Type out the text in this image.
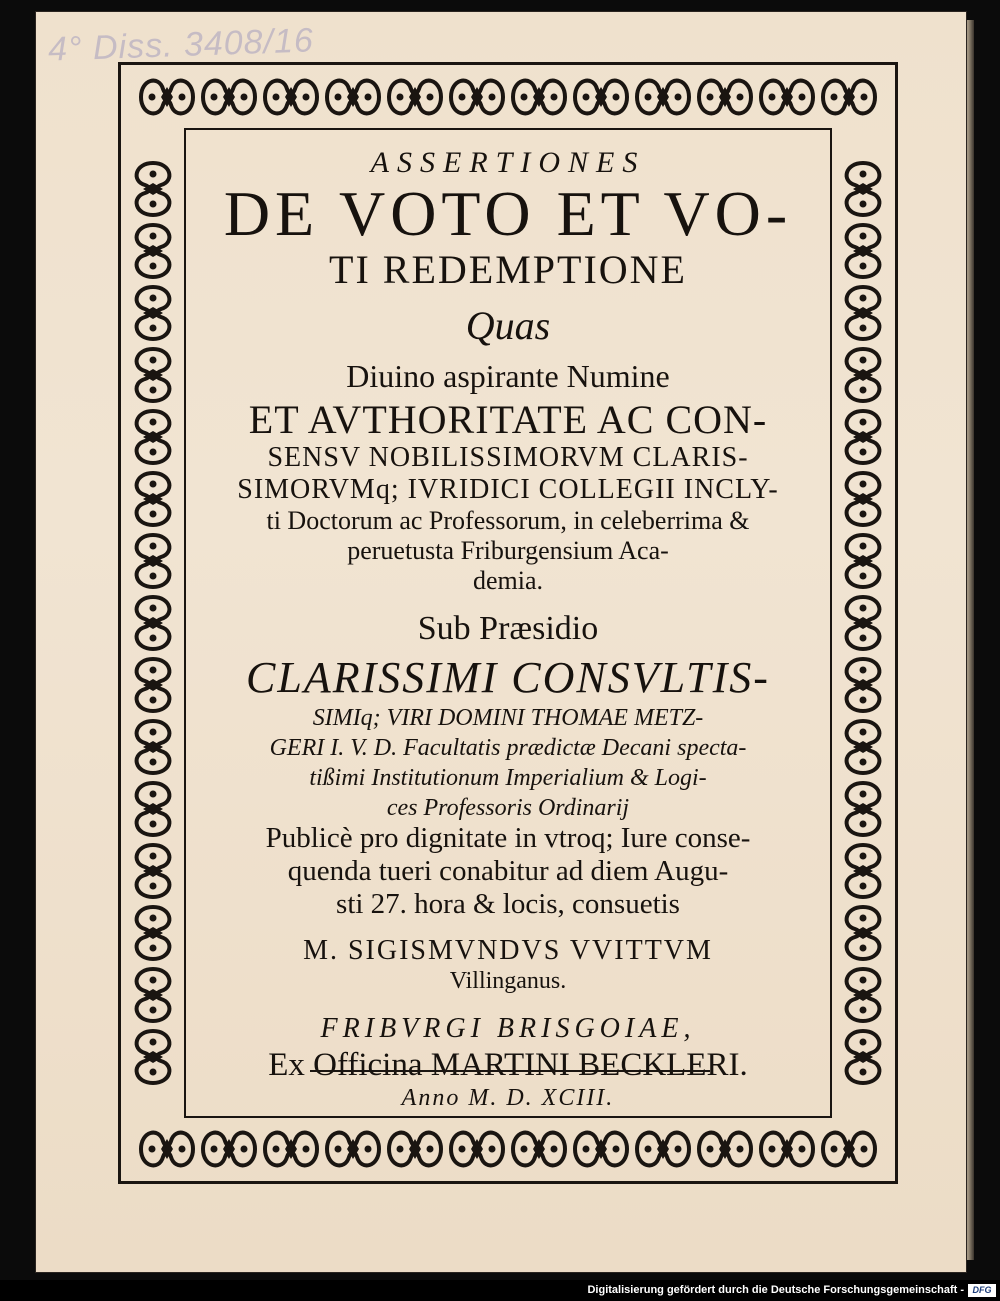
4° Diss. 3408/16
ASSERTIONES
DE VOTO ET VO-
TI REDEMPTIONE
Quas
Diuino aspirante Numine
ET AVTHORITATE AC CON-
SENSV NOBILISSIMORVM CLARIS-
SIMORVMq; IVRIDICI COLLEGII INCLY-
ti Doctorum ac Professorum, in celeberrima &
peruetusta Friburgensium Aca-
demia.
Sub Præsidio
CLARISSIMI CONSVLTIS-
SIMIq; VIRI DOMINI THOMAE METZ-
GERI I. V. D. Facultatis prædictæ Decani specta-
tißimi Institutionum Imperialium & Logi-
ces Professoris Ordinarij
Publicè pro dignitate in vtroq; Iure conse-
quenda tueri conabitur ad diem Augu-
sti 27. hora & locis, consuetis
M. SIGISMVNDVS VVITTVM
Villinganus.
FRIBVRGI BRISGOIAE,
Ex Officina MARTINI BECKLERI.
Anno M. D. XCIII.
Digitalisierung gefördert durch die Deutsche Forschungsgemeinschaft - DFG
